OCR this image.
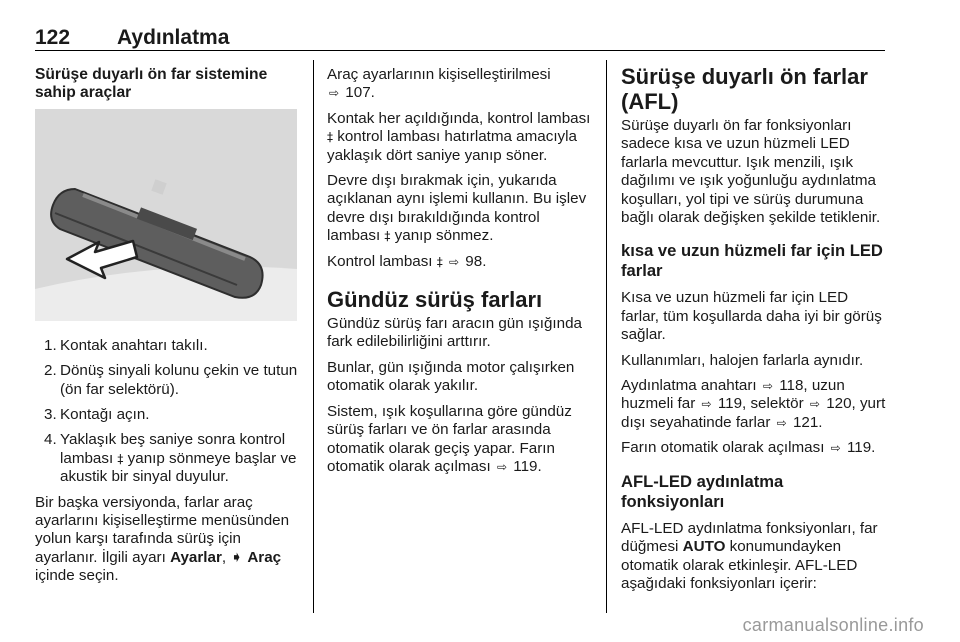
122 Aydınlatma
Sürüşe duyarlı ön far sistemine sahip araçlar
1. Kontak anahtarı takılı.
2. Dönüş sinyali kolunu çekin ve tutun (ön far selektörü).
3. Kontağı açın.
4. Yaklaşık beş saniye sonra kontrol lambası ‡ yanıp sönmeye başlar ve akustik bir sinyal duyulur.

Bir başka versiyonda, farlar araç ayarlarını kişiselleştirme menüsünden yolun karşı tarafında sürüş için ayarlanır. İlgili ayarı Ayarlar, ➧ Araç içinde seçin.

Araç ayarlarının kişiselleştirilmesi
⇨ 107.

Kontak her açıldığında, kontrol lambası ‡ kontrol lambası hatırlatma amacıyla yaklaşık dört saniye yanıp söner.

Devre dışı bırakmak için, yukarıda açıklanan aynı işlemi kullanın. Bu işlev devre dışı bırakıldığında kontrol lambası ‡ yanıp sönmez.

Kontrol lambası ‡ ⇨ 98.

Gündüz sürüş farları

Gündüz sürüş farı aracın gün ışığında fark edilebilirliğini arttırır.

Bunlar, gün ışığında motor çalışırken otomatik olarak yakılır.

Sistem, ışık koşullarına göre gündüz sürüş farları ve ön farlar arasında otomatik olarak geçiş yapar. Farın otomatik olarak açılması ⇨ 119.

Sürüşe duyarlı ön farlar (AFL)

Sürüşe duyarlı ön far fonksiyonları sadece kısa ve uzun hüzmeli LED farlarla mevcuttur. Işık menzili, ışık dağılımı ve ışık yoğunluğu aydınlatma koşulları, yol tipi ve sürüş durumuna bağlı olarak değişken şekilde tetiklenir.

kısa ve uzun hüzmeli far için LED farlar

Kısa ve uzun hüzmeli far için LED farlar, tüm koşullarda daha iyi bir görüş sağlar.

Kullanımları, halojen farlarla aynıdır.

Aydınlatma anahtarı ⇨ 118, uzun huzmeli far ⇨ 119, selektör ⇨ 120, yurt dışı seyahatinde farlar ⇨ 121.

Farın otomatik olarak açılması ⇨ 119.

AFL-LED aydınlatma fonksiyonları

AFL-LED aydınlatma fonksiyonları, far düğmesi AUTO konumundayken otomatik olarak etkinleşir. AFL-LED aşağıdaki fonksiyonları içerir:

carmanualsonline.info
